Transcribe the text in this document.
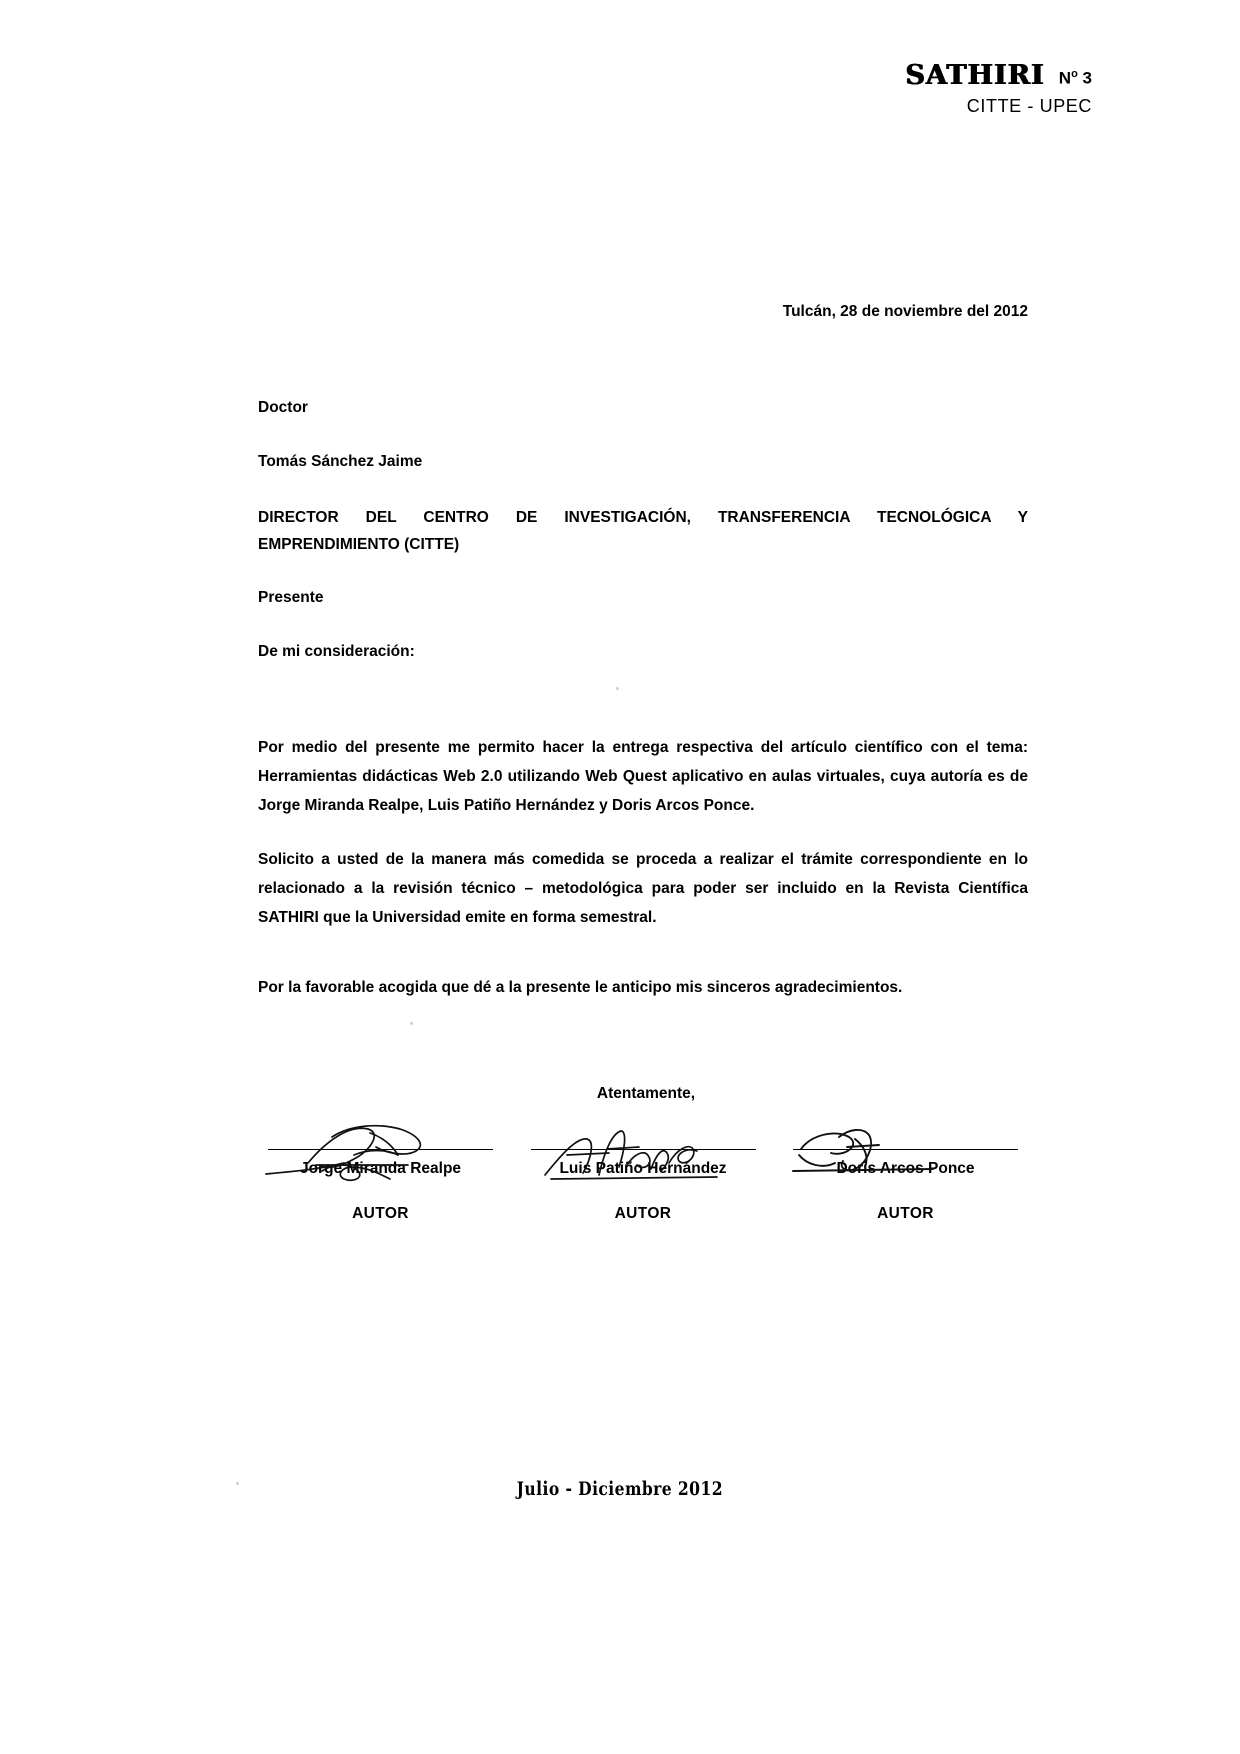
SATHIRI $N^o$ 3
CITTE - UPEC
Tulcán, 28 de noviembre del 2012
Doctor
Tomás Sánchez Jaime
DIRECTOR DEL CENTRO DE INVESTIGACIÓN, TRANSFERENCIA TECNOLÓGICA Y
EMPRENDIMIENTO (CITTE)
Presente
De mi consideración:

Por medio del presente me permito hacer la entrega respectiva del artículo científico con el tema: Herramientas didácticas Web 2.0 utilizando Web Quest aplicativo en aulas virtuales, cuya autoría es de Jorge Miranda Realpe, Luis Patiño Hernández y Doris Arcos Ponce.

Solicito a usted de la manera más comedida se proceda a realizar el trámite correspondiente en lo relacionado a la revisión técnico – metodológica para poder ser incluido en la Revista Científica SATHIRI que la Universidad emite en forma semestral.

Por la favorable acogida que dé a la presente le anticipo mis sinceros agradecimientos.

Atentamente,
Jorge Miranda Realpe
AUTOR
Luis Patiño Hernández
AUTOR
Doris Arcos Ponce
AUTOR
Julio - Diciembre 2012
